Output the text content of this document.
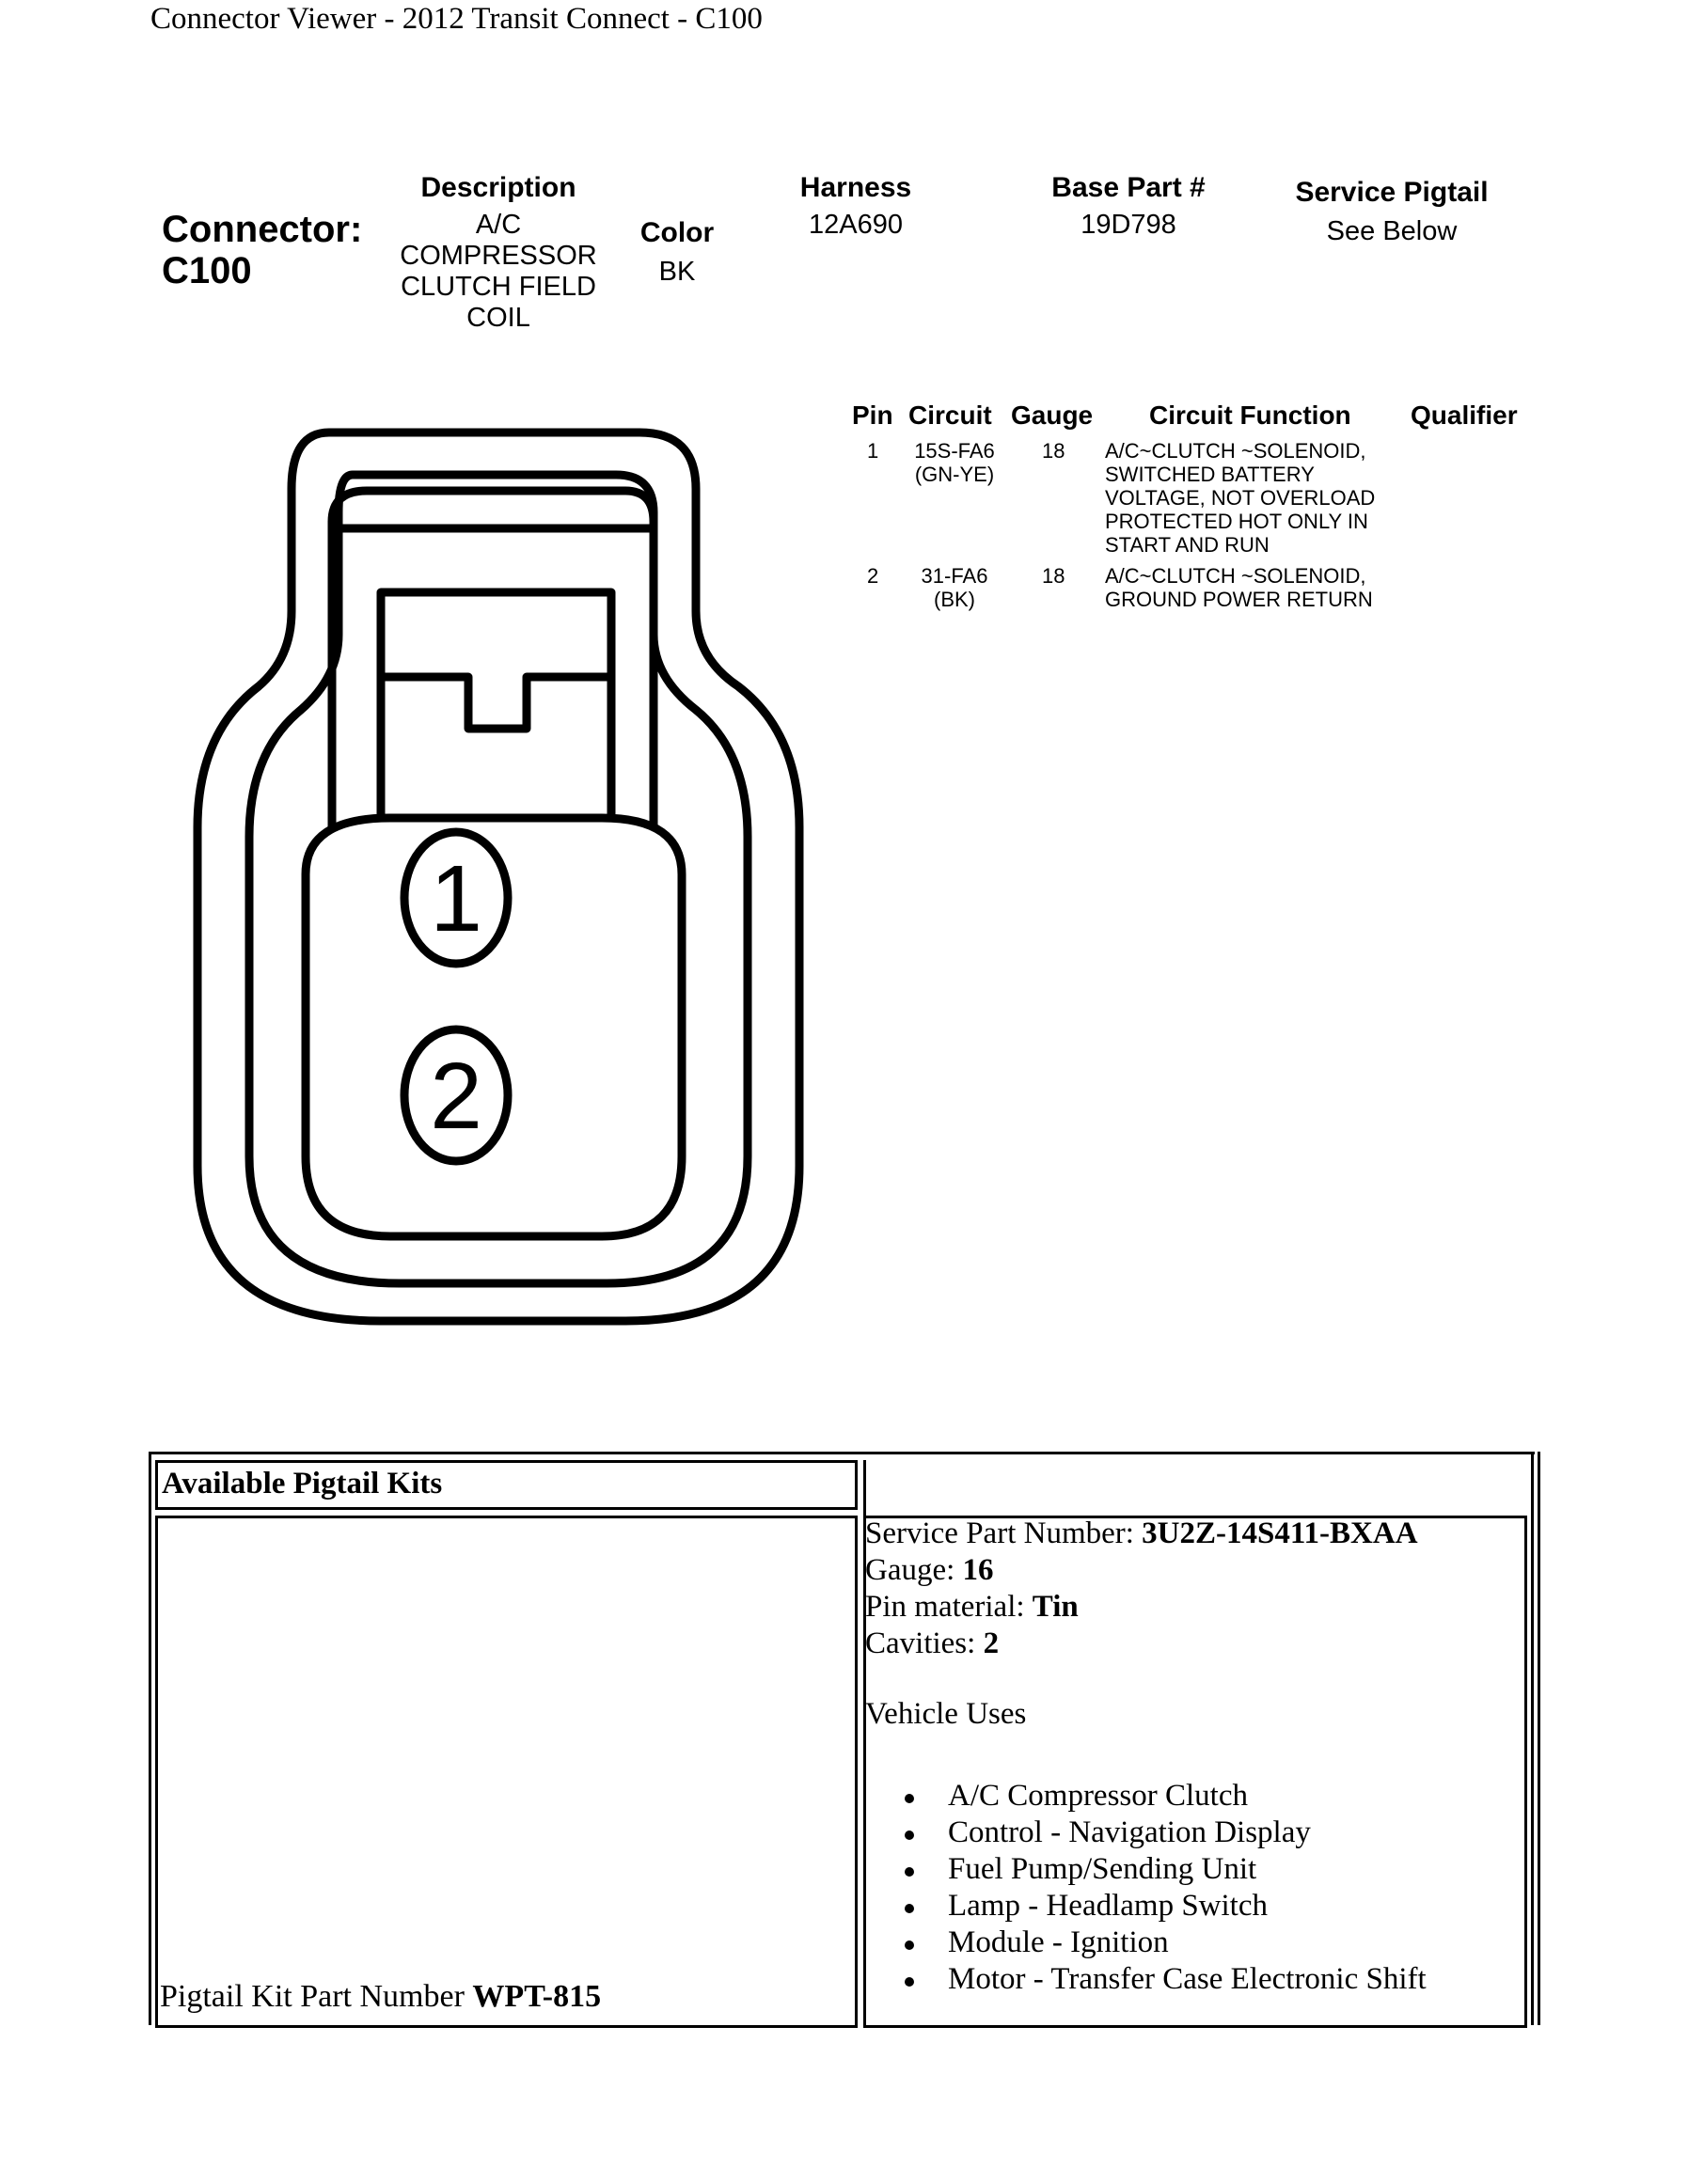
Connector Viewer - 2012 Transit Connect - C100
Connector:
C100
Description
A/C
COMPRESSOR
CLUTCH FIELD
COIL
Color
BK
Harness
12A690
Base Part #
19D798
Service Pigtail
See Below
Pin Circuit Gauge Circuit Function Qualifier
1	15S-FA6
(GN-YE)
18 A/C~CLUTCH ~SOLENOID,
SWITCHED BATTERY
VOLTAGE, NOT OVERLOAD
PROTECTED HOT ONLY IN
START AND RUN
2	31-FA6
(BK)
18 A/C~CLUTCH ~SOLENOID,
GROUND POWER RETURN
1
2
Available Pigtail Kits
Pigtail Kit Part Number WPT-815
Service Part Number: 3U2Z-14S411-BXAA
Gauge: 16
Pin material: Tin
Cavities: 2
Vehicle Uses
A/C Compressor Clutch
Control - Navigation Display
Fuel Pump/Sending Unit
Lamp - Headlamp Switch
Module - Ignition
Motor - Transfer Case Electronic Shift
